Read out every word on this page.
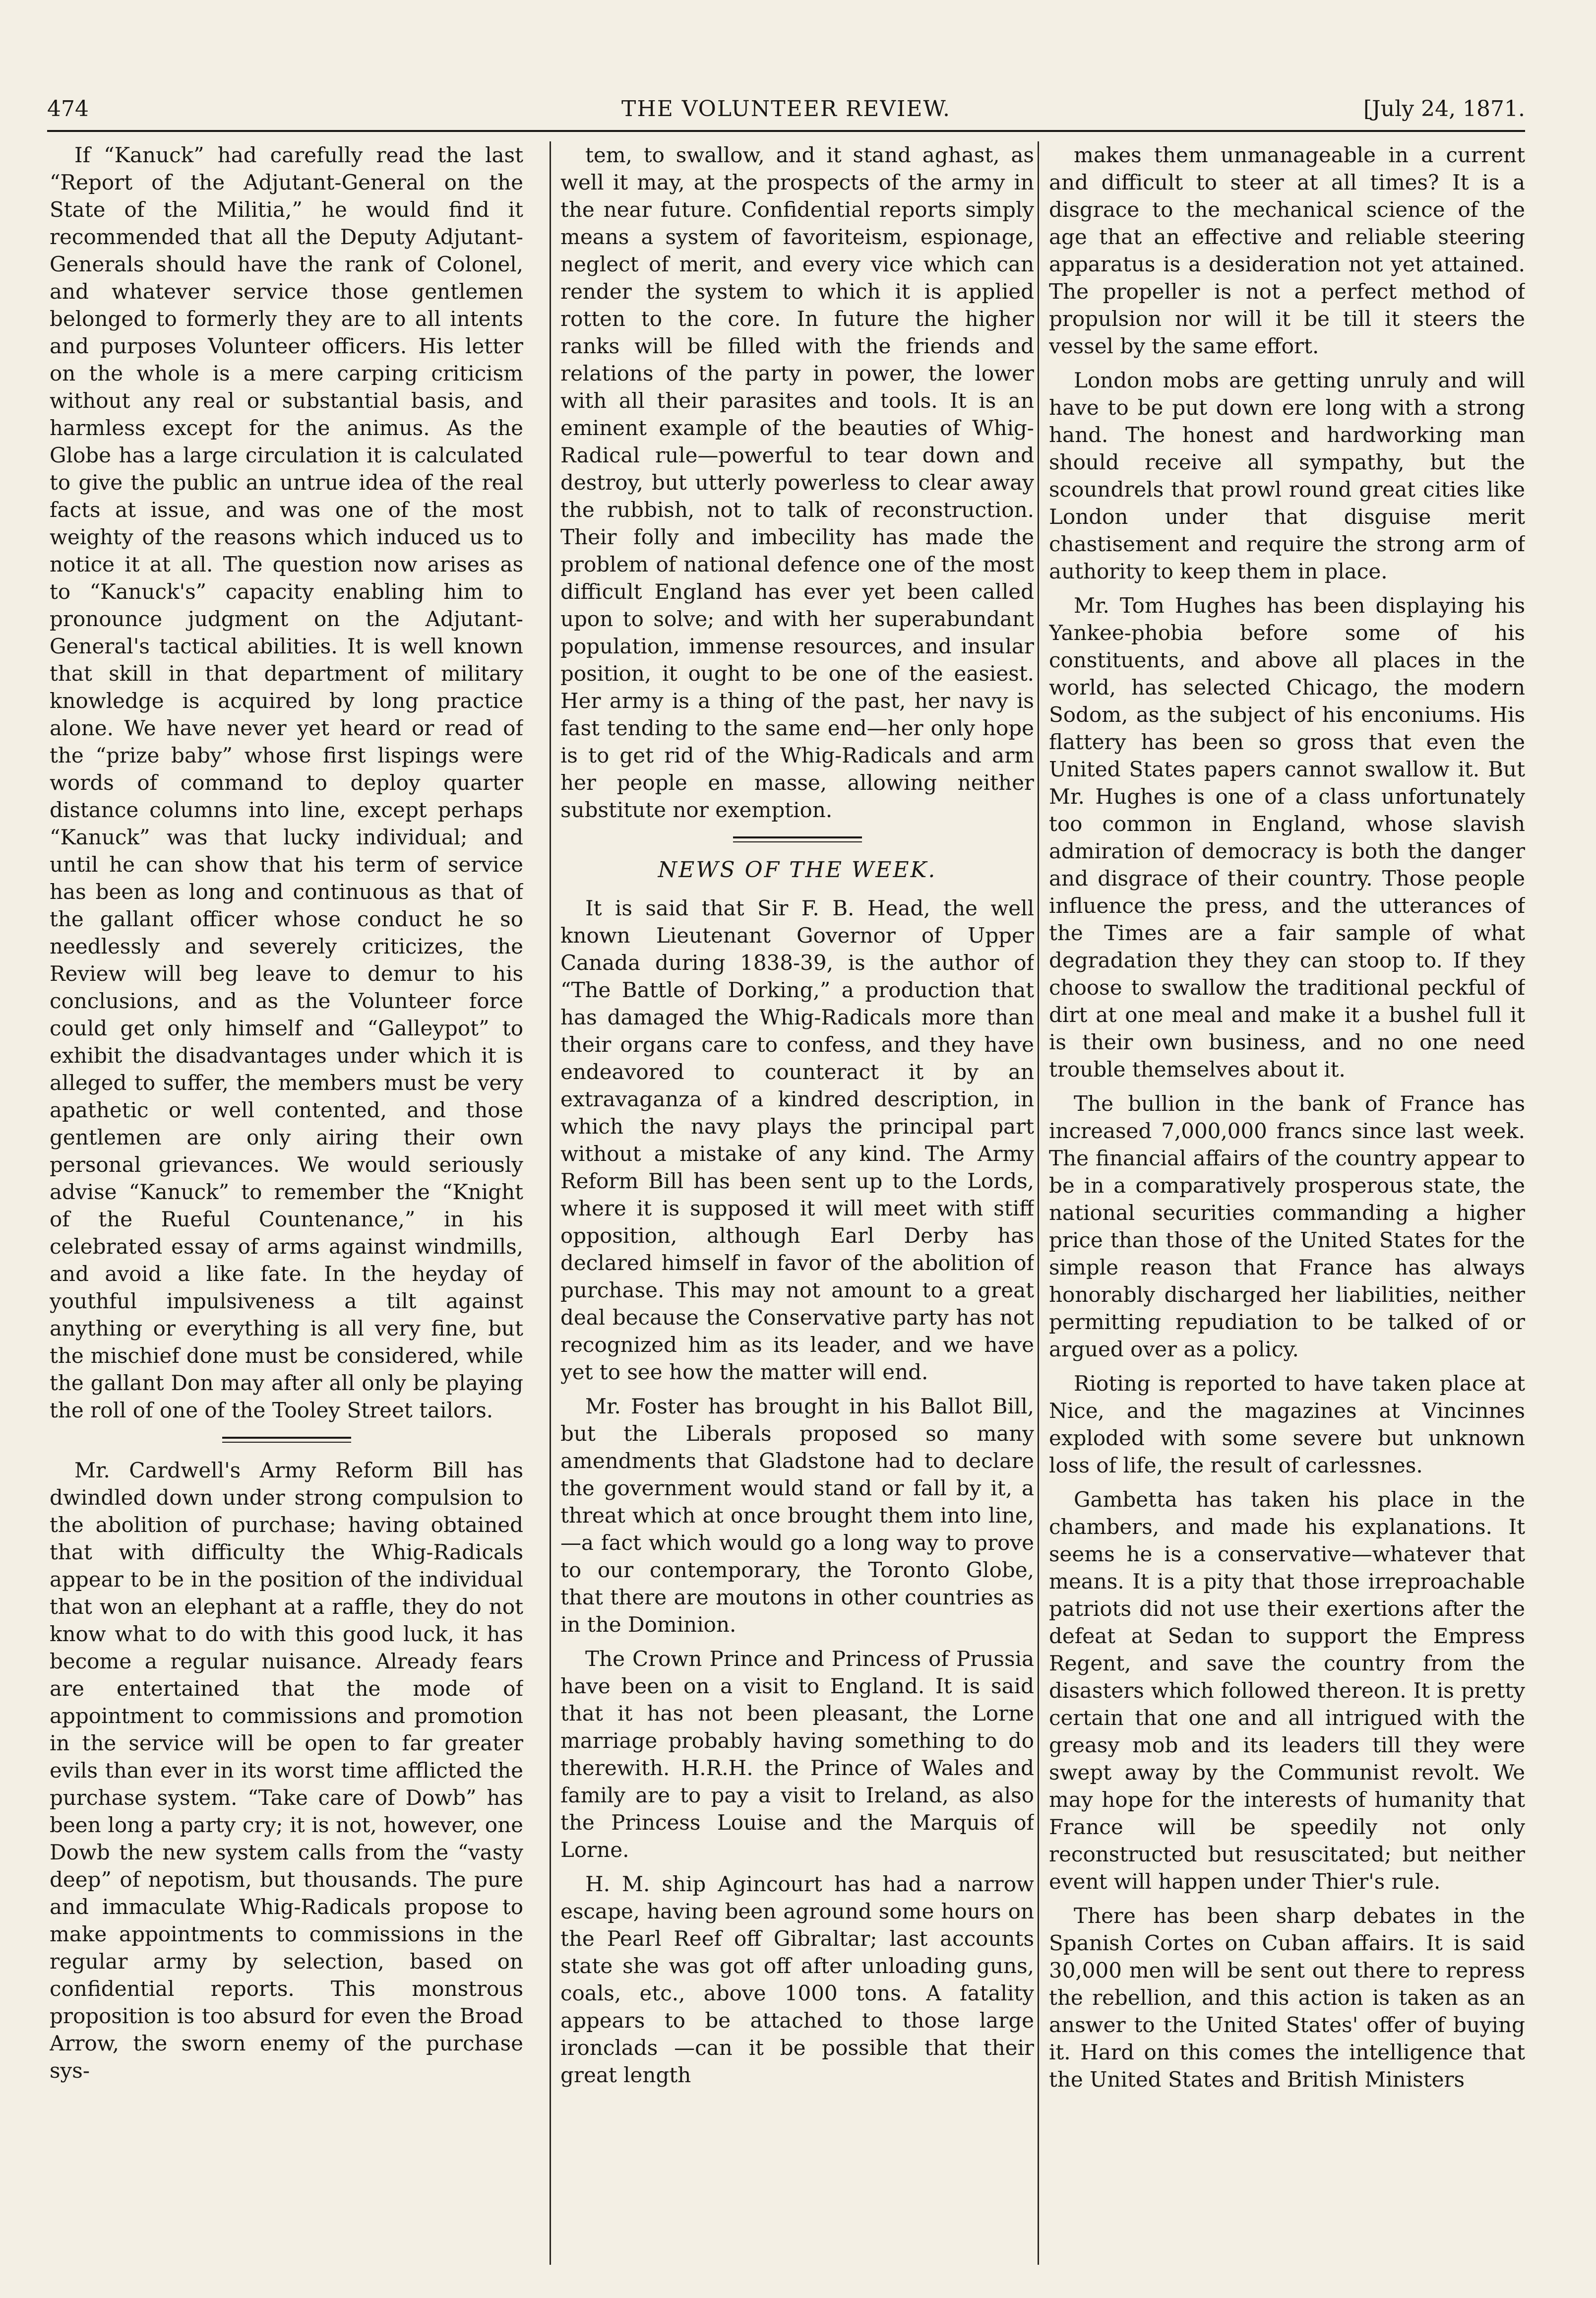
THE VOLUNTEER REVIEW.
474	[July 24, 1871.

If “Kanuck” had carefully read the last “Report of the Adjutant-General on the State of the Militia,” he would find it recommended that all the Deputy Adjutant-Generals should have the rank of Colonel, and whatever service those gentlemen belonged to formerly they are to all intents and purposes Volunteer officers. His letter on the whole is a mere carping criticism without any real or substantial basis, and harmless except for the animus. As the Globe has a large circulation it is calculated to give the public an untrue idea of the real facts at issue, and was one of the most weighty of the reasons which induced us to notice it at all. The question now arises as to “Kanuck's” capacity enabling him to pronounce judgment on the Adjutant-General's tactical abilities. It is well known that skill in that department of military knowledge is acquired by long practice alone. We have never yet heard or read of the “prize baby” whose first lispings were words of command to deploy quarter distance columns into line, except perhaps “Kanuck” was that lucky individual; and until he can show that his term of service has been as long and continuous as that of the gallant officer whose conduct he so needlessly and severely criticizes, the Review will beg leave to demur to his conclusions, and as the Volunteer force could get only himself and “Galleypot” to exhibit the disadvantages under which it is alleged to suffer, the members must be very apathetic or well contented, and those gentlemen are only airing their own personal grievances. We would seriously advise “Kanuck” to remember the “Knight of the Rueful Countenance,” in his celebrated essay of arms against windmills, and avoid a like fate. In the heyday of youthful impulsiveness a tilt against anything or everything is all very fine, but the mischief done must be considered, while the gallant Don may after all only be playing the roll of one of the Tooley Street tailors.

Mr. Cardwell's Army Reform Bill has dwindled down under strong compulsion to the abolition of purchase; having obtained that with difficulty the Whig-Radicals appear to be in the position of the individual that won an elephant at a raffle, they do not know what to do with this good luck, it has become a regular nuisance. Already fears are entertained that the mode of appointment to commissions and promotion in the service will be open to far greater evils than ever in its worst time afflicted the purchase system. “Take care of Dowb” has been long a party cry; it is not, however, one Dowb the new system calls from the “vasty deep” of nepotism, but thousands. The pure and immaculate Whig-Radicals propose to make appointments to commissions in the regular army by selection, based on confidential reports. This monstrous proposition is too absurd for even the Broad Arrow, the sworn enemy of the purchase sys-

tem, to swallow, and it stand aghast, as well it may, at the prospects of the army in the near future. Confidential reports simply means a system of favoriteism, espionage, neglect of merit, and every vice which can render the system to which it is applied rotten to the core. In future the higher ranks will be filled with the friends and relations of the party in power, the lower with all their parasites and tools. It is an eminent example of the beauties of Whig-Radical rule—powerful to tear down and destroy, but utterly powerless to clear away the rubbish, not to talk of reconstruction. Their folly and imbecility has made the problem of national defence one of the most difficult England has ever yet been called upon to solve; and with her superabundant population, immense resources, and insular position, it ought to be one of the easiest. Her army is a thing of the past, her navy is fast tending to the same end—her only hope is to get rid of the Whig-Radicals and arm her people en masse, allowing neither substitute nor exemption.

NEWS OF THE WEEK.

It is said that Sir F. B. Head, the well known Lieutenant Governor of Upper Canada during 1838-39, is the author of “The Battle of Dorking,” a production that has damaged the Whig-Radicals more than their organs care to confess, and they have endeavored to counteract it by an extravaganza of a kindred description, in which the navy plays the principal part without a mistake of any kind. The Army Reform Bill has been sent up to the Lords, where it is supposed it will meet with stiff opposition, although Earl Derby has declared himself in favor of the abolition of purchase. This may not amount to a great deal because the Conservative party has not recognized him as its leader, and we have yet to see how the matter will end.

Mr. Foster has brought in his Ballot Bill, but the Liberals proposed so many amendments that Gladstone had to declare the government would stand or fall by it, a threat which at once brought them into line, —a fact which would go a long way to prove to our contemporary, the Toronto Globe, that there are moutons in other countries as in the Dominion.

The Crown Prince and Princess of Prussia have been on a visit to England. It is said that it has not been pleasant, the Lorne marriage probably having something to do therewith. H.R.H. the Prince of Wales and family are to pay a visit to Ireland, as also the Princess Louise and the Marquis of Lorne.

H. M. ship Agincourt has had a narrow escape, having been aground some hours on the Pearl Reef off Gibraltar; last accounts state she was got off after unloading guns, coals, etc., above 1000 tons. A fatality appears to be attached to those large ironclads —can it be possible that their great length

makes them unmanageable in a current and difficult to steer at all times? It is a disgrace to the mechanical science of the age that an effective and reliable steering apparatus is a desideration not yet attained. The propeller is not a perfect method of propulsion nor will it be till it steers the vessel by the same effort.

London mobs are getting unruly and will have to be put down ere long with a strong hand. The honest and hardworking man should receive all sympathy, but the scoundrels that prowl round great cities like London under that disguise merit chastisement and require the strong arm of authority to keep them in place.

Mr. Tom Hughes has been displaying his Yankee-phobia before some of his constituents, and above all places in the world, has selected Chicago, the modern Sodom, as the subject of his enconiums. His flattery has been so gross that even the United States papers cannot swallow it. But Mr. Hughes is one of a class unfortunately too common in England, whose slavish admiration of democracy is both the danger and disgrace of their country. Those people influence the press, and the utterances of the Times are a fair sample of what degradation they they can stoop to. If they choose to swallow the traditional peckful of dirt at one meal and make it a bushel full it is their own business, and no one need trouble themselves about it.

The bullion in the bank of France has increased 7,000,000 francs since last week. The financial affairs of the country appear to be in a comparatively prosperous state, the national securities commanding a higher price than those of the United States for the simple reason that France has always honorably discharged her liabilities, neither permitting repudiation to be talked of or argued over as a policy.

Rioting is reported to have taken place at Nice, and the magazines at Vincinnes exploded with some severe but unknown loss of life, the result of carlessnes.

Gambetta has taken his place in the chambers, and made his explanations. It seems he is a conservative—whatever that means. It is a pity that those irreproachable patriots did not use their exertions after the defeat at Sedan to support the Empress Regent, and save the country from the disasters which followed thereon. It is pretty certain that one and all intrigued with the greasy mob and its leaders till they were swept away by the Communist revolt. We may hope for the interests of humanity that France will be speedily not only reconstructed but resuscitated; but neither event will happen under Thier's rule.

There has been sharp debates in the Spanish Cortes on Cuban affairs. It is said 30,000 men will be sent out there to repress the rebellion, and this action is taken as an answer to the United States' offer of buying it. Hard on this comes the intelligence that the United States and British Ministers
